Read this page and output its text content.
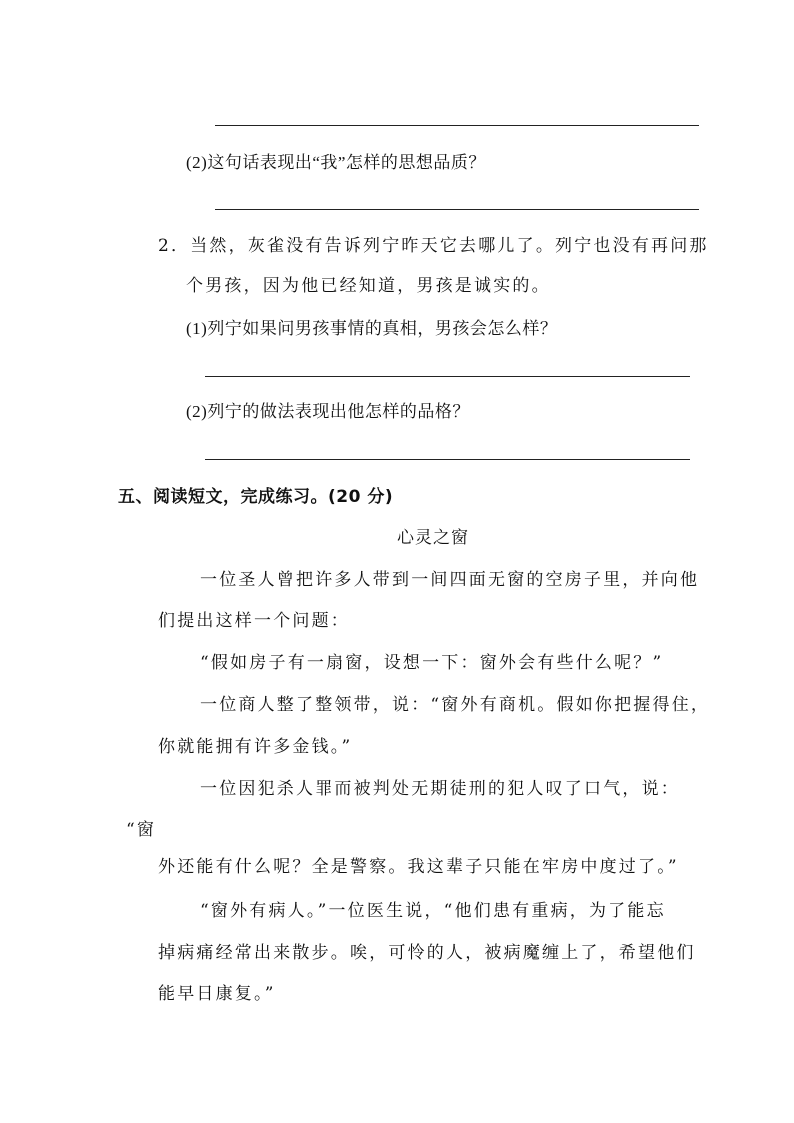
(2)这句话表现出“我”怎样的思想品质？
2．当然，灰雀没有告诉列宁昨天它去哪儿了。列宁也没有再问那
个男孩，因为他已经知道，男孩是诚实的。
(1)列宁如果问男孩事情的真相，男孩会怎么样？
(2)列宁的做法表现出他怎样的品格？
五、阅读短文，完成练习。(20 分)
心灵之窗
一位圣人曾把许多人带到一间四面无窗的空房子里，并向他
们提出这样一个问题：
“假如房子有一扇窗，设想一下：窗外会有些什么呢？”
一位商人整了整领带，说：“窗外有商机。假如你把握得住，
你就能拥有许多金钱。”
一位因犯杀人罪而被判处无期徒刑的犯人叹了口气，说：
“窗
外还能有什么呢？全是警察。我这辈子只能在牢房中度过了。”
“窗外有病人。”一位医生说，“他们患有重病，为了能忘
掉病痛经常出来散步。唉，可怜的人，被病魔缠上了，希望他们
能早日康复。”
